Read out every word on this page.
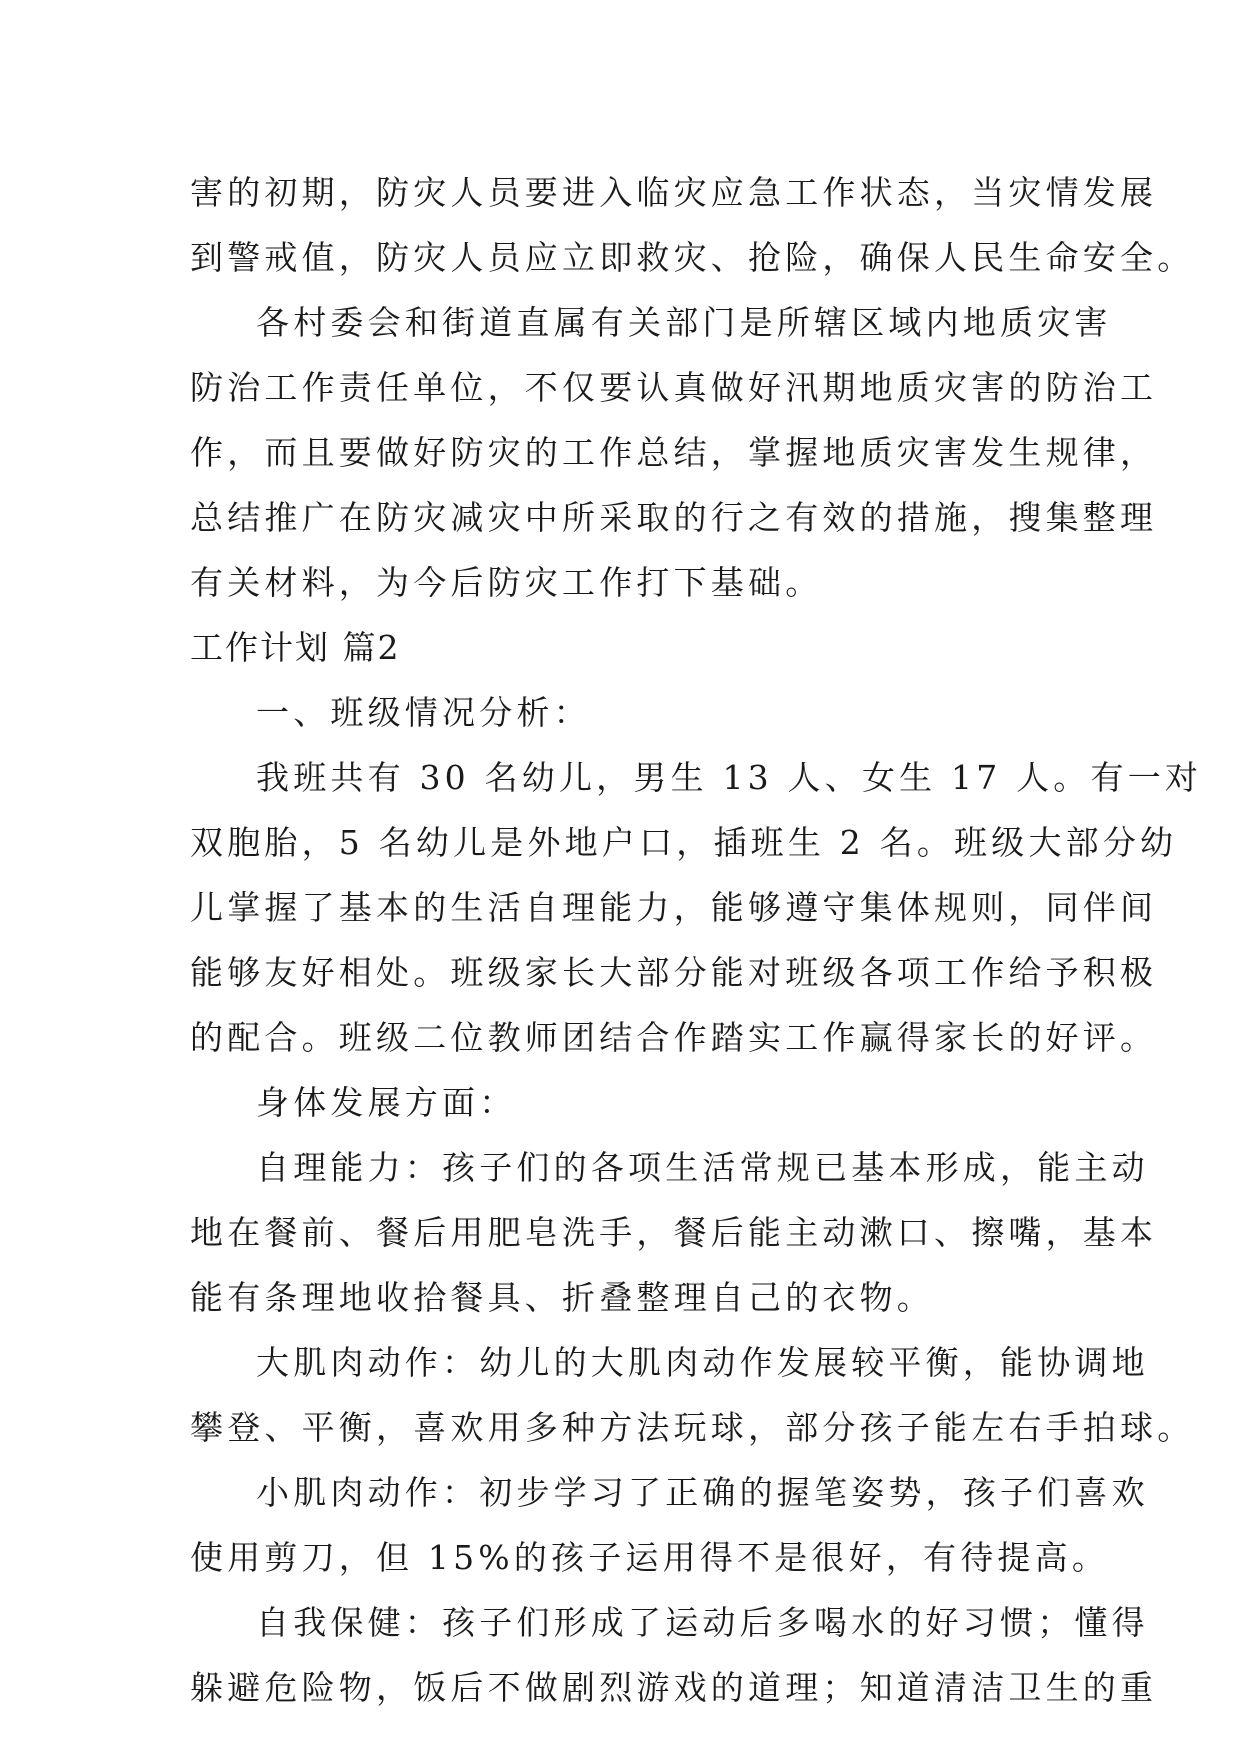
害的初期，防灾人员要进入临灾应急工作状态，当灾情发展
到警戒值，防灾人员应立即救灾、抢险，确保人民生命安全。
各村委会和街道直属有关部门是所辖区域内地质灾害
防治工作责任单位，不仅要认真做好汛期地质灾害的防治工
作，而且要做好防灾的工作总结，掌握地质灾害发生规律，
总结推广在防灾减灾中所采取的行之有效的措施，搜集整理
有关材料，为今后防灾工作打下基础。
工作计划 篇2
一、班级情况分析：
我班共有 30 名幼儿，男生 13 人、女生 17 人。有一对
双胞胎，5 名幼儿是外地户口，插班生 2 名。班级大部分幼
儿掌握了基本的生活自理能力，能够遵守集体规则，同伴间
能够友好相处。班级家长大部分能对班级各项工作给予积极
的配合。班级二位教师团结合作踏实工作赢得家长的好评。
身体发展方面：
自理能力：孩子们的各项生活常规已基本形成，能主动
地在餐前、餐后用肥皂洗手，餐后能主动漱口、擦嘴，基本
能有条理地收拾餐具、折叠整理自己的衣物。
大肌肉动作：幼儿的大肌肉动作发展较平衡，能协调地
攀登、平衡，喜欢用多种方法玩球，部分孩子能左右手拍球。
小肌肉动作：初步学习了正确的握笔姿势，孩子们喜欢
使用剪刀，但 15%的孩子运用得不是很好，有待提高。
自我保健：孩子们形成了运动后多喝水的好习惯；懂得
躲避危险物，饭后不做剧烈游戏的道理；知道清洁卫生的重
